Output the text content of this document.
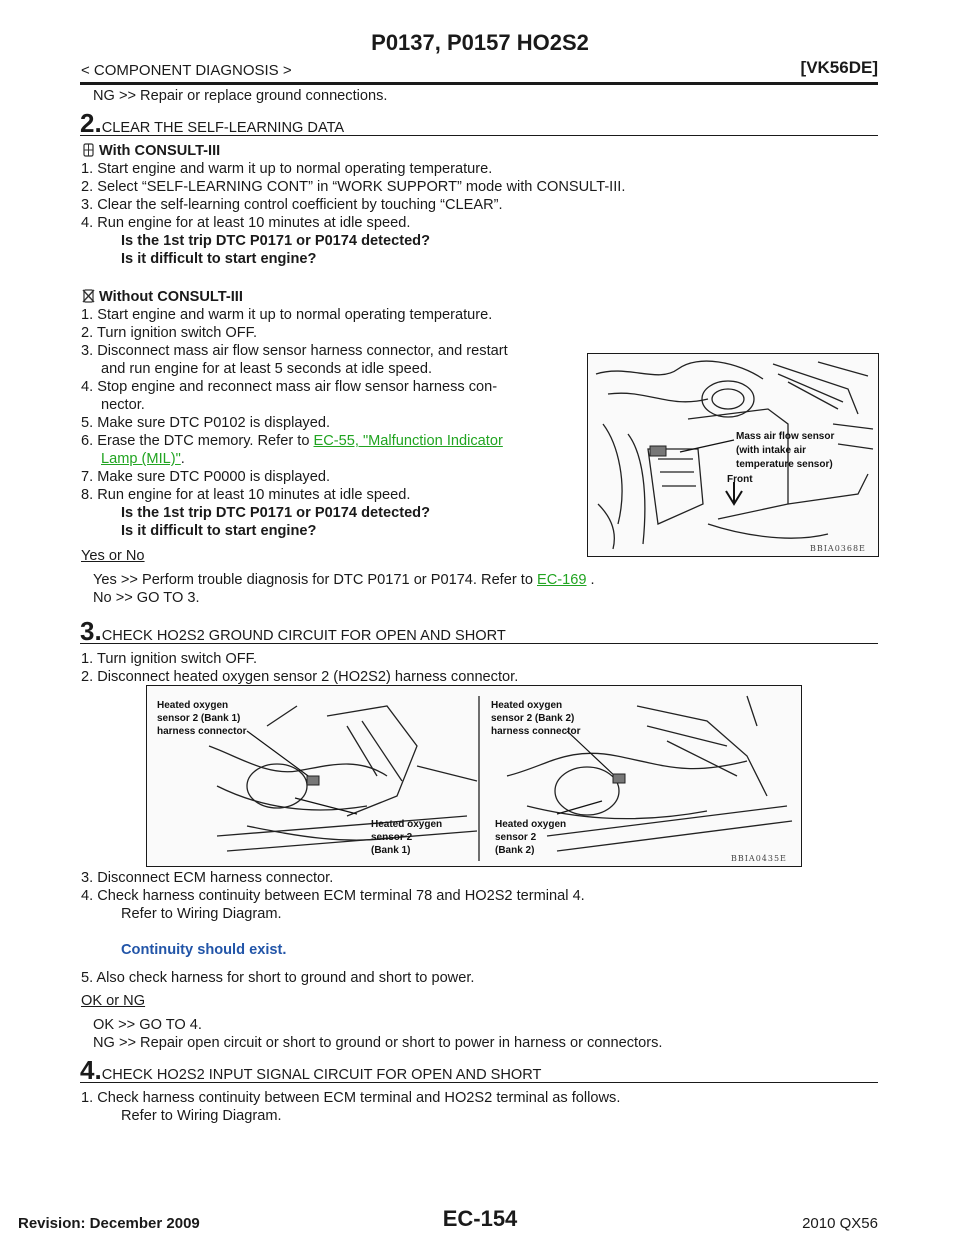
P0137, P0157 HO2S2
< COMPONENT DIAGNOSIS >	[VK56DE]
NG >> Repair or replace ground connections.
2.CLEAR THE SELF-LEARNING DATA
With CONSULT-III
1. Start engine and warm it up to normal operating temperature.
2. Select “SELF-LEARNING CONT” in “WORK SUPPORT” mode with CONSULT-III.
3. Clear the self-learning control coefficient by touching “CLEAR”.
4. Run engine for at least 10 minutes at idle speed.
Is the 1st trip DTC P0171 or P0174 detected?
Is it difficult to start engine?
Without CONSULT-III
1. Start engine and warm it up to normal operating temperature.
2. Turn ignition switch OFF.
3. Disconnect mass air flow sensor harness connector, and restart
and run engine for at least 5 seconds at idle speed.
4. Stop engine and reconnect mass air flow sensor harness con-
nector.
5. Make sure DTC P0102 is displayed.
6. Erase the DTC memory. Refer to EC-55, "Malfunction Indicator
Lamp (MIL)".
7. Make sure DTC P0000 is displayed.
8. Run engine for at least 10 minutes at idle speed.
Is the 1st trip DTC P0171 or P0174 detected?
Is it difficult to start engine?
Yes or No
Yes >> Perform trouble diagnosis for DTC P0171 or P0174. Refer to EC-169 .
No >> GO TO 3.
Mass air flow sensor
(with intake air
temperature sensor)
Front
BBIA0368E
3.CHECK HO2S2 GROUND CIRCUIT FOR OPEN AND SHORT
1. Turn ignition switch OFF.
2. Disconnect heated oxygen sensor 2 (HO2S2) harness connector.
Heated oxygen
sensor 2 (Bank 1)
harness connector
Heated oxygen
sensor 2
(Bank 1)
Heated oxygen
sensor 2 (Bank 2)
harness connector
Heated oxygen
sensor 2
(Bank 2)
BBIA0435E
3. Disconnect ECM harness connector.
4. Check harness continuity between ECM terminal 78 and HO2S2 terminal 4.
Refer to Wiring Diagram.
Continuity should exist.
5. Also check harness for short to ground and short to power.
OK or NG
OK >> GO TO 4.
NG >> Repair open circuit or short to ground or short to power in harness or connectors.
4.CHECK HO2S2 INPUT SIGNAL CIRCUIT FOR OPEN AND SHORT
1. Check harness continuity between ECM terminal and HO2S2 terminal as follows.
Refer to Wiring Diagram.
EC-154
Revision: December 2009	2010 QX56
